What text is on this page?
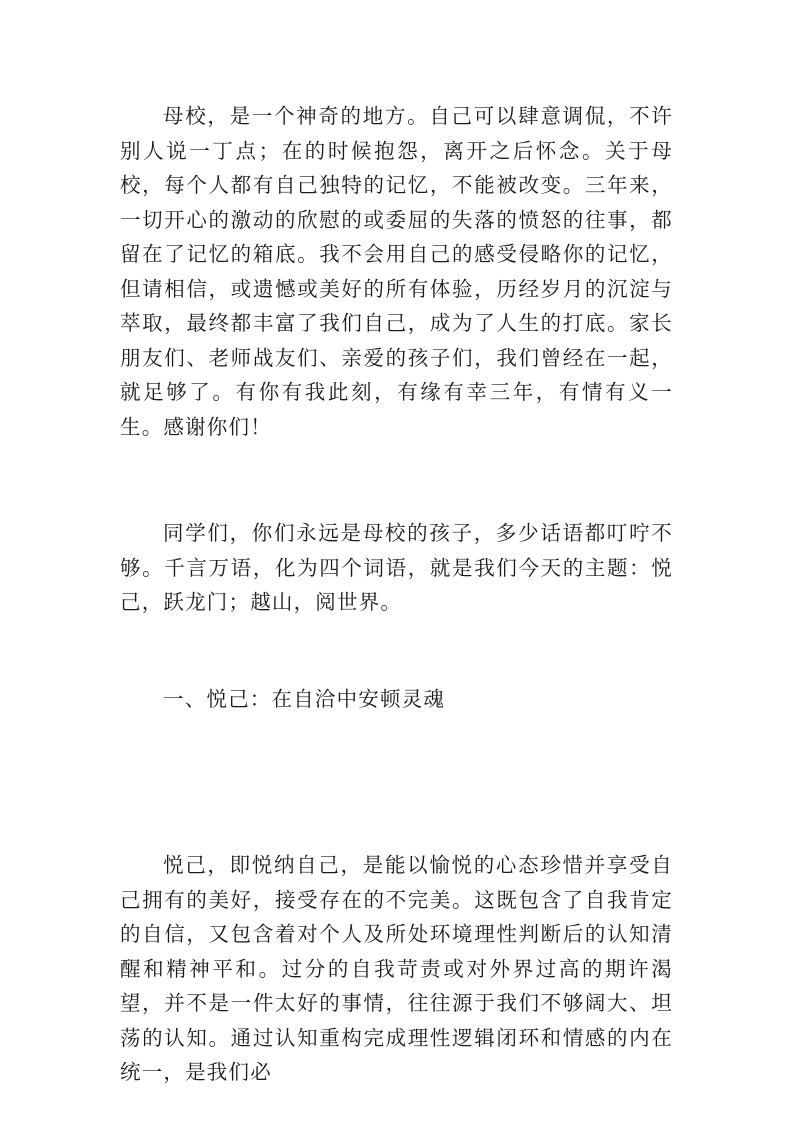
母校，是一个神奇的地方。自己可以肆意调侃，不许别人说一丁点；在的时候抱怨，离开之后怀念。关于母校，每个人都有自己独特的记忆，不能被改变。三年来，一切开心的激动的欣慰的或委屈的失落的愤怒的往事，都留在了记忆的箱底。我不会用自己的感受侵略你的记忆，但请相信，或遗憾或美好的所有体验，历经岁月的沉淀与萃取，最终都丰富了我们自己，成为了人生的打底。家长朋友们、老师战友们、亲爱的孩子们，我们曾经在一起，就足够了。有你有我此刻，有缘有幸三年，有情有义一生。感谢你们！

同学们，你们永远是母校的孩子，多少话语都叮咛不够。千言万语，化为四个词语，就是我们今天的主题：悦己，跃龙门；越山，阅世界。

一、悦己：在自洽中安顿灵魂

悦己，即悦纳自己，是能以愉悦的心态珍惜并享受自己拥有的美好，接受存在的不完美。这既包含了自我肯定的自信，又包含着对个人及所处环境理性判断后的认知清醒和精神平和。过分的自我苛责或对外界过高的期许渴望，并不是一件太好的事情，往往源于我们不够阔大、坦荡的认知。通过认知重构完成理性逻辑闭环和情感的内在统一，是我们必
